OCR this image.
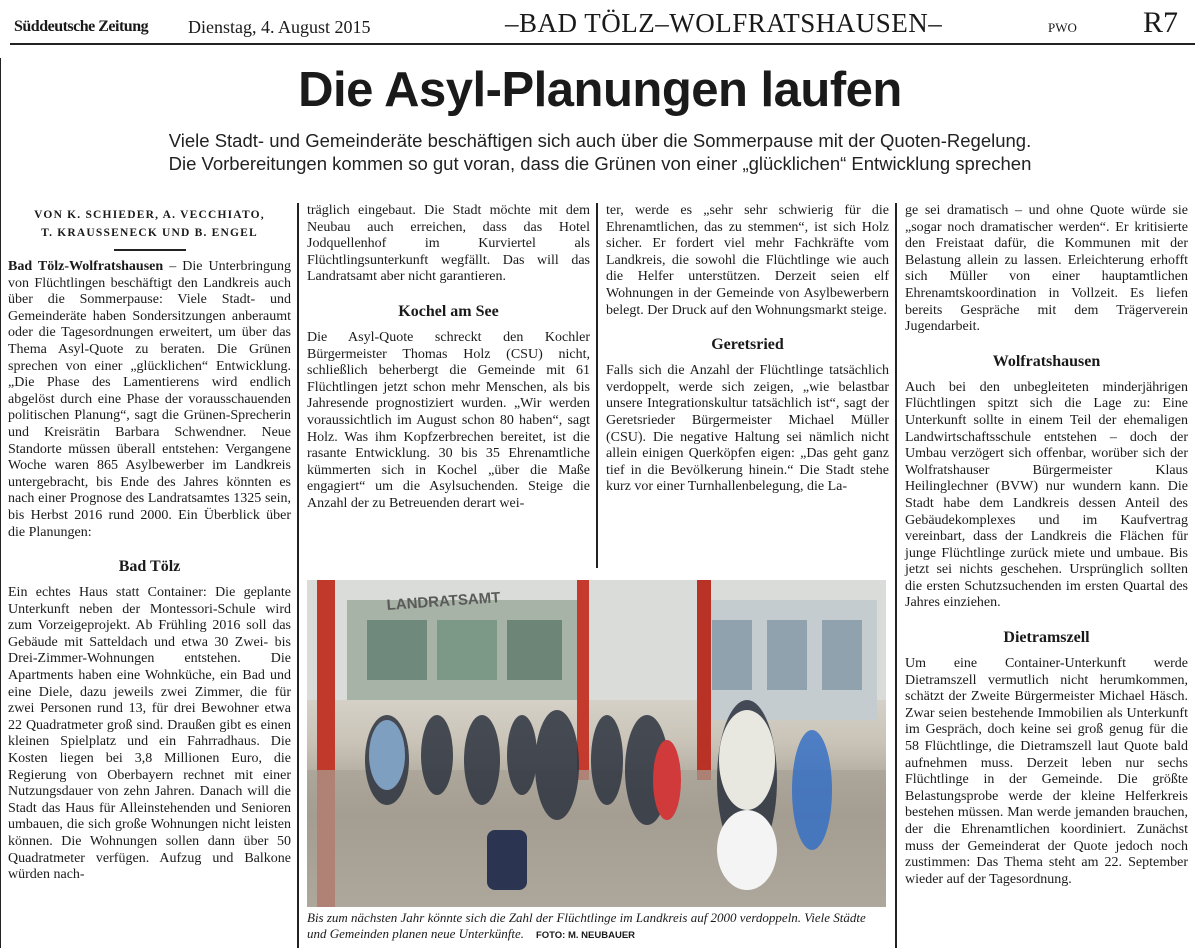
Süddeutsche Zeitung Dienstag, 4. August 2015	–BAD TÖLZ–WOLFRATSHAUSEN–	PWO R7
Die Asyl-Planungen laufen
Viele Stadt- und Gemeinderäte beschäftigen sich auch über die Sommerpause mit der Quoten-Regelung.
Die Vorbereitungen kommen so gut voran, dass die Grünen von einer „glücklichen“ Entwicklung sprechen
VON K. SCHIEDER, A. VECCHIATO,
T. KRAUSSENECK UND B. ENGEL

Bad Tölz-Wolfratshausen – Die Unterbringung von Flüchtlingen beschäftigt den Landkreis auch über die Sommerpause: Viele Stadt- und Gemeinderäte haben Sondersitzungen anberaumt oder die Tagesordnungen erweitert, um über das Thema Asyl-Quote zu beraten. Die Grünen sprechen von einer „glücklichen“ Entwicklung. „Die Phase des Lamentierens wird endlich abgelöst durch eine Phase der vorausschauenden politischen Planung“, sagt die Grünen-Sprecherin und Kreisrätin Barbara Schwendner. Neue Standorte müssen überall entstehen: Vergangene Woche waren 865 Asylbewerber im Landkreis untergebracht, bis Ende des Jahres könnten es nach einer Prognose des Landratsamtes 1325 sein, bis Herbst 2016 rund 2000. Ein Überblick über die Planungen:

Bad Tölz

Ein echtes Haus statt Container: Die geplante Unterkunft neben der Montessori-Schule wird zum Vorzeigeprojekt. Ab Frühling 2016 soll das Gebäude mit Satteldach und etwa 30 Zwei- bis Drei-Zimmer-Wohnungen entstehen. Die Apartments haben eine Wohnküche, ein Bad und eine Diele, dazu jeweils zwei Zimmer, die für zwei Personen rund 13, für drei Bewohner etwa 22 Quadratmeter groß sind. Draußen gibt es einen kleinen Spielplatz und ein Fahrradhaus. Die Kosten liegen bei 3,8 Millionen Euro, die Regierung von Oberbayern rechnet mit einer Nutzungsdauer von zehn Jahren. Danach will die Stadt das Haus für Alleinstehenden und Senioren umbauen, die sich große Wohnungen nicht leisten können. Die Wohnungen sollen dann über 50 Quadratmeter verfügen. Aufzug und Balkone würden nach-

träglich eingebaut. Die Stadt möchte mit dem Neubau auch erreichen, dass das Hotel Jodquellenhof im Kurviertel als Flüchtlingsunterkunft wegfällt. Das will das Landratsamt aber nicht garantieren.

Kochel am See

Die Asyl-Quote schreckt den Kochler Bürgermeister Thomas Holz (CSU) nicht, schließlich beherbergt die Gemeinde mit 61 Flüchtlingen jetzt schon mehr Menschen, als bis Jahresende prognostiziert wurden. „Wir werden voraussichtlich im August schon 80 haben“, sagt Holz. Was ihm Kopfzerbrechen bereitet, ist die rasante Entwicklung. 30 bis 35 Ehrenamtliche kümmerten sich in Kochel „über die Maße engagiert“ um die Asylsuchenden. Steige die Anzahl der zu Betreuenden derart wei-

ter, werde es „sehr sehr schwierig für die Ehrenamtlichen, das zu stemmen“, ist sich Holz sicher. Er fordert viel mehr Fachkräfte vom Landkreis, die sowohl die Flüchtlinge wie auch die Helfer unterstützen. Derzeit seien elf Wohnungen in der Gemeinde von Asylbewerbern belegt. Der Druck auf den Wohnungsmarkt steige.

Geretsried

Falls sich die Anzahl der Flüchtlinge tatsächlich verdoppelt, werde sich zeigen, „wie belastbar unsere Integrationskultur tatsächlich ist“, sagt der Geretsrieder Bürgermeister Michael Müller (CSU). Die negative Haltung sei nämlich nicht allein einigen Querköpfen eigen: „Das geht ganz tief in die Bevölkerung hinein.“ Die Stadt stehe kurz vor einer Turnhallenbelegung, die La-

ge sei dramatisch – und ohne Quote würde sie „sogar noch dramatischer werden“. Er kritisierte den Freistaat dafür, die Kommunen mit der Belastung allein zu lassen. Erleichterung erhofft sich Müller von einer hauptamtlichen Ehrenamtskoordination in Vollzeit. Es liefen bereits Gespräche mit dem Trägerverein Jugendarbeit.

Wolfratshausen

Auch bei den unbegleiteten minderjährigen Flüchtlingen spitzt sich die Lage zu: Eine Unterkunft sollte in einem Teil der ehemaligen Landwirtschaftsschule entstehen – doch der Umbau verzögert sich offenbar, worüber sich der Wolfratshauser Bürgermeister Klaus Heilinglechner (BVW) nur wundern kann. Die Stadt habe dem Landkreis dessen Anteil des Gebäudekomplexes und im Kaufvertrag vereinbart, dass der Landkreis die Flächen für junge Flüchtlinge zurück miete und umbaue. Bis jetzt sei nichts geschehen. Ursprünglich sollten die ersten Schutzsuchenden im ersten Quartal des Jahres einziehen.

Dietramszell

Um eine Container-Unterkunft werde Dietramszell vermutlich nicht herumkommen, schätzt der Zweite Bürgermeister Michael Häsch. Zwar seien bestehende Immobilien als Unterkunft im Gespräch, doch keine sei groß genug für die 58 Flüchtlinge, die Dietramszell laut Quote bald aufnehmen muss. Derzeit leben nur sechs Flüchtlinge in der Gemeinde. Die größte Belastungsprobe werde der kleine Helferkreis bestehen müssen. Man werde jemanden brauchen, der die Ehrenamtlichen koordiniert. Zunächst muss der Gemeinderat der Quote jedoch noch zustimmen: Das Thema steht am 22. September wieder auf der Tagesordnung.

LANDRATSAMT
Bis zum nächsten Jahr könnte sich die Zahl der Flüchtlinge im Landkreis auf 2000 verdoppeln. Viele Städte und Gemeinden planen neue Unterkünfte. FOTO: M. NEUBAUER
